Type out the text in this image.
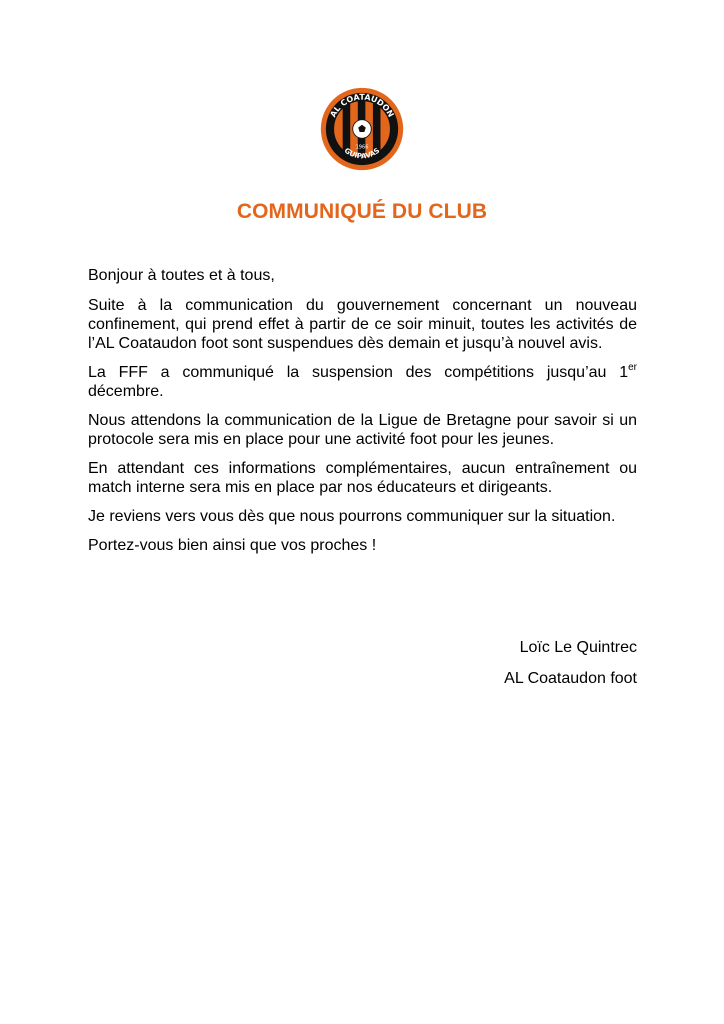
AL COATAUDON
GUIPAVAS
1966
COMMUNIQUÉ DU CLUB

Bonjour à toutes et à tous,

Suite à la communication du gouvernement concernant un nouveau confinement, qui prend effet à partir de ce soir minuit, toutes les activités de l’AL Coataudon foot sont suspendues dès demain et jusqu’à nouvel avis.

La FFF a communiqué la suspension des compétitions jusqu’au 1er décembre.

Nous attendons la communication de la Ligue de Bretagne pour savoir si un protocole sera mis en place pour une activité foot pour les jeunes.

En attendant ces informations complémentaires, aucun entraînement ou match interne sera mis en place par nos éducateurs et dirigeants.

Je reviens vers vous dès que nous pourrons communiquer sur la situation.

Portez-vous bien ainsi que vos proches !

Loïc Le Quintrec
AL Coataudon foot
